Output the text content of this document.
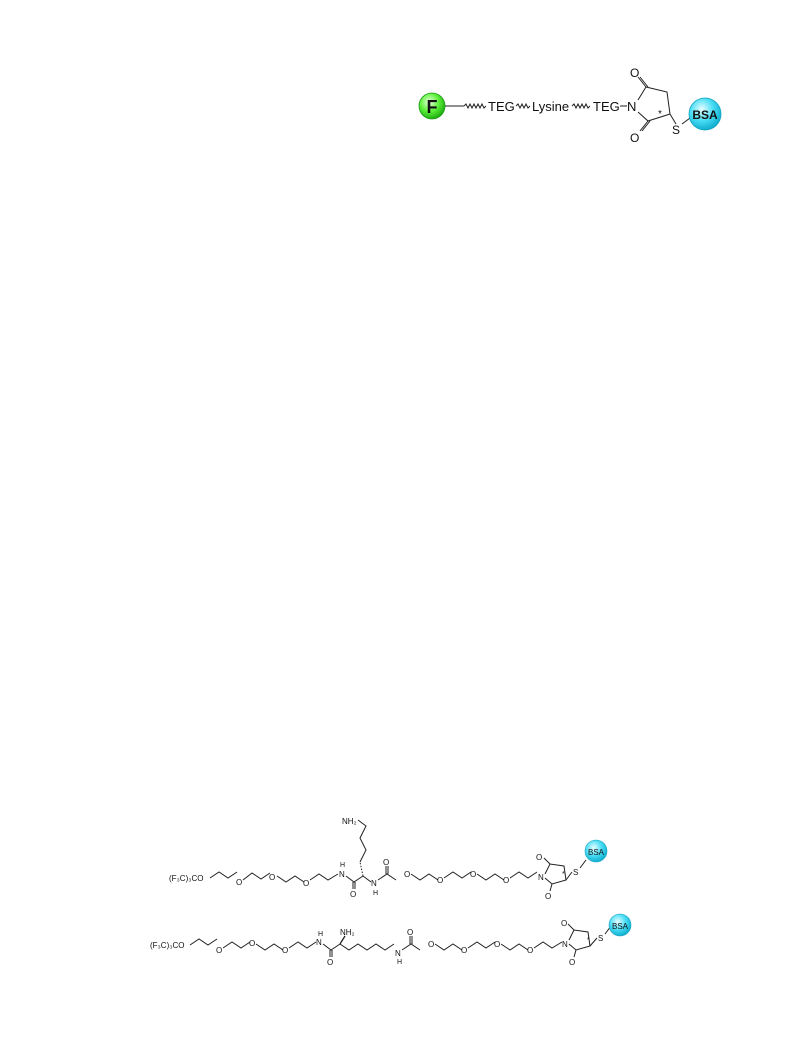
F	TEG Lysine TEG N
O
O
*
S
BSA
(F₃C)₃CO	O
O
O
N
H
O
NH₂
N
H
O
O
O
O
O	N
O
O
* S
BSA
(F₃C)₃CO
O
O
O
N
H
O
NH₂
N
H
O
O
O
O
O
N
O
O
* S
BSA
